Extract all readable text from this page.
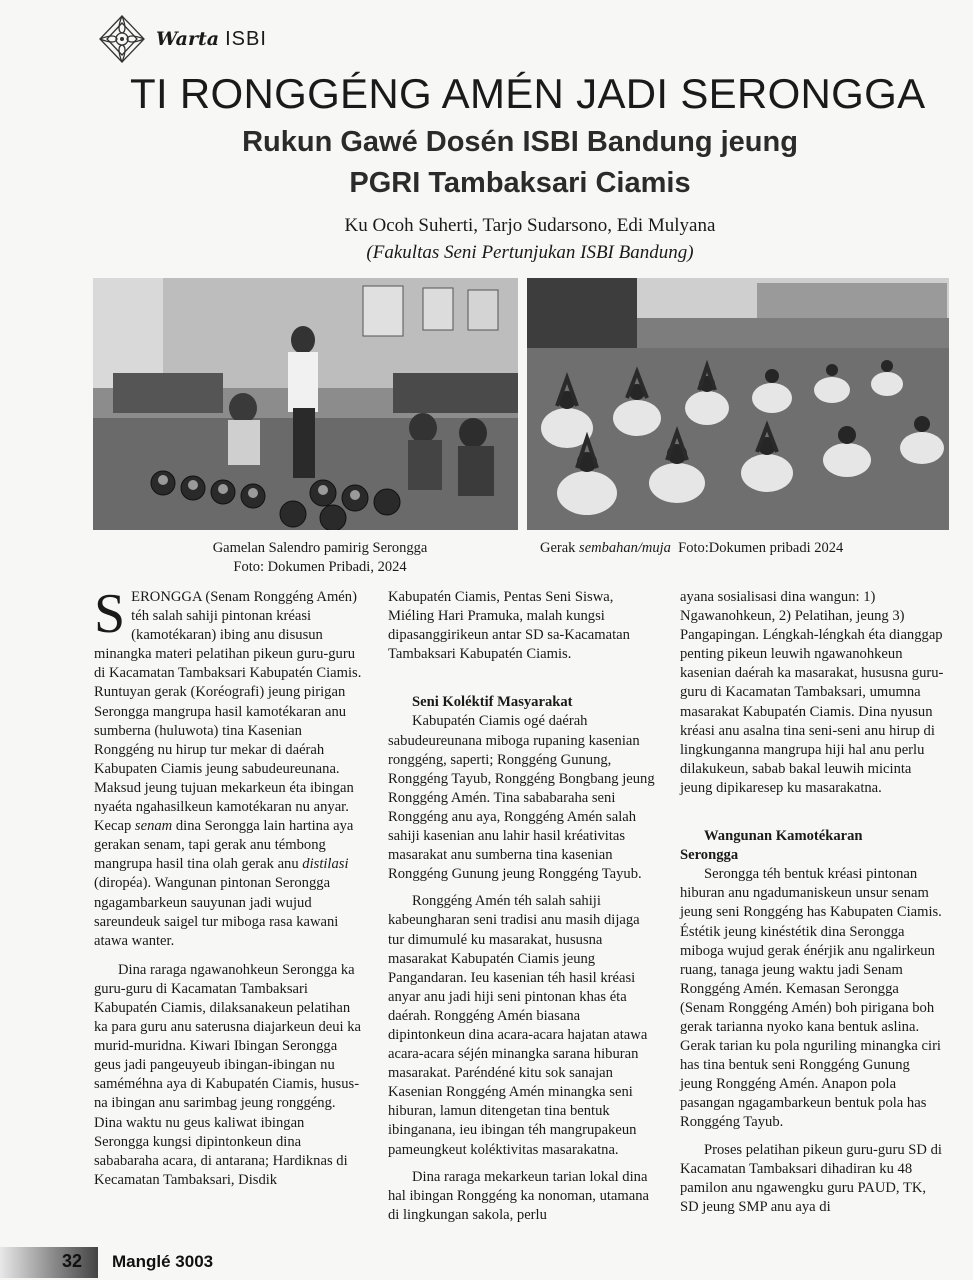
Warta ISBI
TI RONGGÉNG AMÉN JADI SERONGGA
Rukun Gawé Dosén ISBI Bandung jeung
PGRI Tambaksari Ciamis

Ku Ocoh Suherti, Tarjo Sudarsono, Edi Mulyana
(Fakultas Seni Pertunjukan ISBI Bandung)

Gamelan Salendro pamirig Serongga
Foto: Dokumen Pribadi, 2024
Gerak sembahan/muja  Foto:Dokumen pribadi 2024

SERONGGA (Senam Ronggéng Amén) téh salah sahiji pintonan kréasi (kamotékaran) ibing anu disusun minangka materi pelatihan pikeun guru-guru di Kacamatan Tambaksari Kabupatén Ciamis. Runtuyan gerak (Koréografi) jeung pirigan Serongga mangrupa hasil kamotékaran anu sumberna (huluwota) tina Kasenian Ronggéng nu hirup tur mekar di daérah Kabupaten Ciamis jeung sabudeureunana. Maksud jeung tujuan mekarkeun éta ibingan nyaéta ngahasilkeun kamotékaran nu anyar. Kecap senam dina Serongga lain hartina aya gerakan senam, tapi gerak anu témbong mangrupa hasil tina olah gerak anu distilasi (diropéa). Wangunan pintonan Serongga ngagambarkeun sauyunan jadi wujud sareundeuk saigel tur miboga rasa kawani atawa wanter.

Dina raraga ngawanohkeun Serongga ka guru-guru di Kacamatan Tambaksari Kabupatén Ciamis, dilaksanakeun pelatihan ka para guru anu saterusna diajarkeun deui ka murid-muridna. Kiwari Ibingan Serongga geus jadi pangeuyeub ibingan-ibingan nu saméméhna aya di Kabupatén Ciamis, hususna ibingan anu sarimbag jeung ronggéng. Dina waktu nu geus kaliwat ibingan Serongga kungsi dipintonkeun dina sababaraha acara, di antarana; Hardiknas di Kecamatan Tambaksari, Disdik

Kabupatén Ciamis, Pentas Seni Siswa, Miéling Hari Pramuka, malah kungsi dipasanggirikeun antar SD sa-Kacamatan Tambaksari Kabupatén Ciamis.

Seni Koléktif Masyarakat

Kabupatén Ciamis ogé daérah sabudeureunana miboga rupaning kasenian ronggéng, saperti; Ronggéng Gunung, Ronggéng Tayub, Ronggéng Bongbang jeung Ronggéng Amén. Tina sababaraha seni Ronggéng anu aya, Ronggéng Amén salah sahiji kasenian anu lahir hasil kréativitas masarakat anu sumberna tina kasenian Ronggéng Gunung jeung Ronggéng Tayub.

Ronggéng Amén téh salah sahiji kabeungharan seni tradisi anu masih dijaga tur dimumulé ku masarakat, hususna masarakat Kabupatén Ciamis jeung Pangandaran. Ieu kasenian téh hasil kréasi anyar anu jadi hiji seni pintonan khas éta daérah. Ronggéng Amén biasana dipintonkeun dina acara-acara hajatan atawa acara-acara séjén minangka sarana hiburan masarakat. Paréndéné kitu sok sanajan Kasenian Ronggéng Amén minangka seni hiburan, lamun ditengetan tina bentuk ibinganana, ieu ibingan téh mangrupakeun pameungkeut koléktivitas masarakatna.

Dina raraga mekarkeun tarian lokal dina hal ibingan Ronggéng ka nonoman, utamana di lingkungan sakola, perlu

ayana sosialisasi dina wangun: 1) Ngawanohkeun, 2) Pelatihan, jeung 3) Pangapingan. Léngkah-léngkah éta dianggap penting pikeun leuwih ngawanohkeun kasenian daérah ka masarakat, hususna guru-guru di Kacamatan Tambaksari, umumna masarakat Kabupatén Ciamis. Dina nyusun kréasi anu asalna tina seni-seni anu hirup di lingkunganna mangrupa hiji hal anu perlu dilakukeun, sabab bakal leuwih micinta jeung dipikaresep ku masarakatna.

Wangunan Kamotékaran
Serongga

Serongga téh bentuk kréasi pintonan hiburan anu ngadumaniskeun unsur senam jeung seni Ronggéng has Kabupaten Ciamis. Éstétik jeung kinéstétik dina Serongga miboga wujud gerak énérjik anu ngalirkeun ruang, tanaga jeung waktu jadi Senam Ronggéng Amén. Kemasan Serongga (Senam Ronggéng Amén) boh pirigana boh gerak tarianna nyoko kana bentuk aslina. Gerak tarian ku pola nguriling minangka ciri has tina bentuk seni Ronggéng Gunung jeung Ronggéng Amén. Anapon pola pasangan ngagambarkeun bentuk pola has Ronggéng Tayub.

Proses pelatihan pikeun guru-guru SD di Kacamatan Tambaksari dihadiran ku 48 pamilon anu ngawengku guru PAUD, TK, SD jeung SMP anu aya di

32 Manglé 3003
